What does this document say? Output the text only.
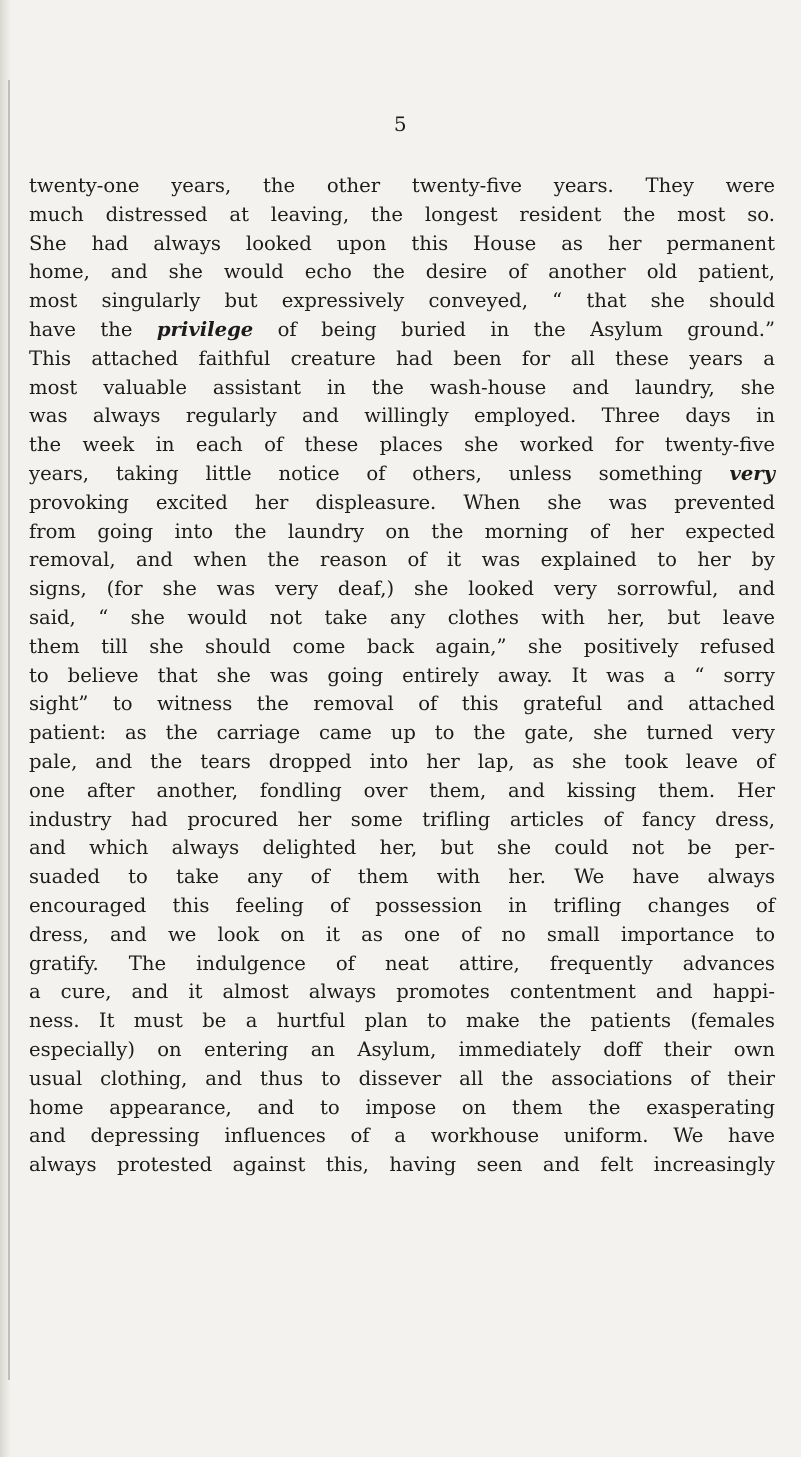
5
twenty-one years, the other twenty-five years. They were
much distressed at leaving, the longest resident the most so.
She had always looked upon this House as her permanent
home, and she would echo the desire of another old patient,
most singularly but expressively conveyed, “ that she should
have the privilege of being buried in the Asylum ground.”
This attached faithful creature had been for all these years a
most valuable assistant in the wash-house and laundry, she
was always regularly and willingly employed. Three days in
the week in each of these places she worked for twenty-five
years, taking little notice of others, unless something very
provoking excited her displeasure. When she was prevented
from going into the laundry on the morning of her expected
removal, and when the reason of it was explained to her by
signs, (for she was very deaf,) she looked very sorrowful, and
said, “ she would not take any clothes with her, but leave
them till she should come back again,” she positively refused
to believe that she was going entirely away. It was a “ sorry
sight” to witness the removal of this grateful and attached
patient: as the carriage came up to the gate, she turned very
pale, and the tears dropped into her lap, as she took leave of
one after another, fondling over them, and kissing them. Her
industry had procured her some trifling articles of fancy dress,
and which always delighted her, but she could not be per-
suaded to take any of them with her. We have always
encouraged this feeling of possession in trifling changes of
dress, and we look on it as one of no small importance to
gratify. The indulgence of neat attire, frequently advances
a cure, and it almost always promotes contentment and happi-
ness. It must be a hurtful plan to make the patients (females
especially) on entering an Asylum, immediately doff their own
usual clothing, and thus to dissever all the associations of their
home appearance, and to impose on them the exasperating
and depressing influences of a workhouse uniform. We have
always protested against this, having seen and felt increasingly
